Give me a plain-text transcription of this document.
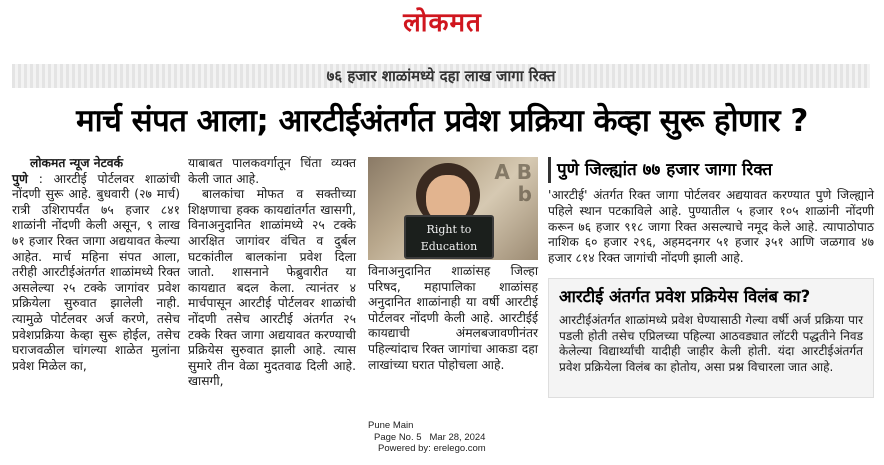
लोकमत
७६ हजार शाळांमध्ये दहा लाख जागा रिक्त
मार्च संपत आला; आरटीईअंतर्गत प्रवेश प्रक्रिया केव्हा सुरू होणार ?

लोकमत न्यूज नेटवर्क

पुणे : आरटीई पोर्टलवर शाळांची नोंदणी सुरू आहे. बुधवारी (२७ मार्च) रात्री उशिरापर्यंत ७५ हजार ८४१ शाळांनी नोंदणी केली असून, ९ लाख ७१ हजार रिक्त जागा अद्ययावत केल्या आहेत. मार्च महिना संपत आला, तरीही आरटीईअंतर्गत शाळांमध्ये रिक्त असलेल्या २५ टक्के जागांवर प्रवेश प्रक्रियेला सुरुवात झालेली नाही. त्यामुळे पोर्टलवर अर्ज करणे, तसेच प्रवेशप्रक्रिया केव्हा सुरू होईल, तसेच घराजवळील चांगल्या शाळेत मुलांना प्रवेश मिळेल का,

याबाबत पालकवर्गातून चिंता व्यक्त केली जात आहे.

बालकांचा मोफत व सक्तीच्या शिक्षणाचा हक्क कायद्यांतर्गत खासगी, विनाअनुदानित शाळांमध्ये २५ टक्के आरक्षित जागांवर वंचित व दुर्बल घटकांतील बालकांना प्रवेश दिला जातो. शासनाने फेब्रुवारीत या कायद्यात बदल केला. त्यानंतर ४ मार्चपासून आरटीई पोर्टलवर शाळांची नोंदणी तसेच आरटीई अंतर्गत २५ टक्के रिक्त जागा अद्ययावत करण्याची प्रक्रियेस सुरुवात झाली आहे. त्यास सुमारे तीन वेळा मुदतवाढ दिली आहे. खासगी,

A B
b
Right to
Education

विनाअनुदानित शाळांसह जिल्हा परिषद, महापालिका शाळांसह अनुदानित शाळांनाही या वर्षी आरटीई पोर्टलवर नोंदणी केली आहे. आरटीईई कायद्याची अंमलबजावणीनंतर पहिल्यांदाच रिक्त जागांचा आकडा दहा लाखांच्या घरात पोहोचला आहे.

पुणे जिल्ह्यांत ७७ हजार जागा रिक्त
'आरटीई' अंतर्गत रिक्त जागा पोर्टलवर अद्ययावत करण्यात पुणे जिल्ह्याने पहिले स्थान पटकाविले आहे. पुण्यातील ५ हजार १०५ शाळांनी नोंदणी करून ७६ हजार ९१८ जागा रिक्त असल्याचे नमूद केले आहे. त्यापाठोपाठ नाशिक ६० हजार २९६, अहमदनगर ५१ हजार ३५१ आणि जळगाव ४७ हजार ८१४ रिक्त जागांची नोंदणी झाली आहे.
आरटीई अंतर्गत प्रवेश प्रक्रियेस विलंब का?
आरटीईअंतर्गत शाळांमध्ये प्रवेश घेण्यासाठी गेल्या वर्षी अर्ज प्रक्रिया पार पडली होती तसेच एप्रिलच्या पहिल्या आठवड्यात लॉटरी पद्धतीने निवड केलेल्या विद्यार्थ्यांची यादीही जाहीर केली होती. यंदा आरटीईअंतर्गत प्रवेश प्रक्रियेला विलंब का होतोय, असा प्रश्न विचारला जात आहे.
Pune Main
Page No. 5 Mar 28, 2024
Powered by: erelego.com
